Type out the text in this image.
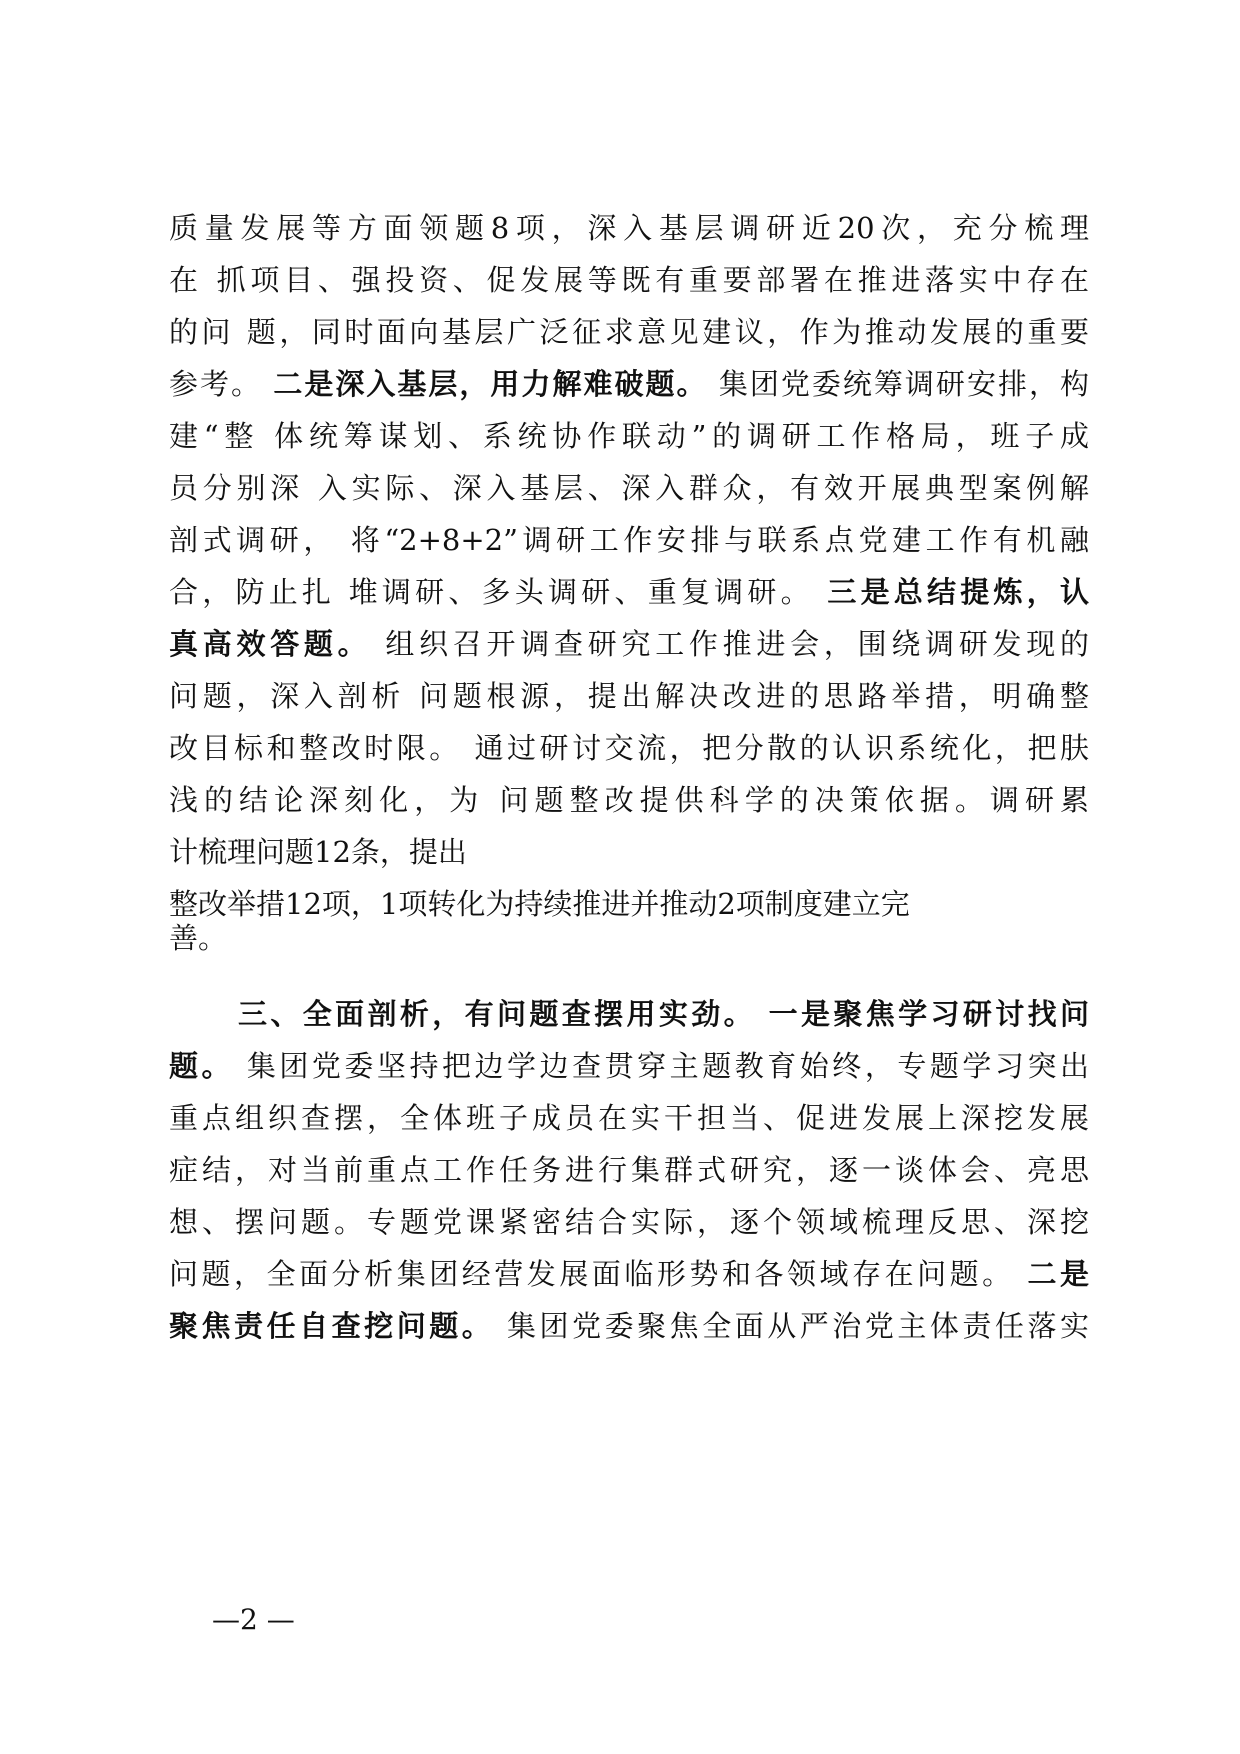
质量发展等方面领题8项，深入基层调研近20次，充分梳理
在 抓项目、强投资、促发展等既有重要部署在推进落实中存在
的问 题，同时面向基层广泛征求意见建议，作为推动发展的重要
参考。 二是深入基层，用力解难破题。 集团党委统筹调研安排，构
建“整 体统筹谋划、系统协作联动”的调研工作格局，班子成
员分别深 入实际、深入基层、深入群众，有效开展典型案例解
剖式调研， 将“2+8+2”调研工作安排与联系点党建工作有机融
合，防止扎 堆调研、多头调研、重复调研。 三是总结提炼，认
真高效答题。 组织召开调查研究工作推进会，围绕调研发现的
问题，深入剖析 问题根源，提出解决改进的思路举措，明确整
改目标和整改时限。 通过研讨交流，把分散的认识系统化，把肤
浅的结论深刻化，为 问题整改提供科学的决策依据。调研累
计梳理问题12条，提出
整改举措12项，1项转化为持续推进并推动2项制度建立完
善。
三、全面剖析，有问题查摆用实劲。 一是聚焦学习研讨找问
题。 集团党委坚持把边学边查贯穿主题教育始终，专题学习突出
重点组织查摆，全体班子成员在实干担当、促进发展上深挖发展
症结，对当前重点工作任务进行集群式研究，逐一谈体会、亮思
想、摆问题。专题党课紧密结合实际，逐个领域梳理反思、深挖
问题，全面分析集团经营发展面临形势和各领域存在问题。 二是
聚焦责任自查挖问题。 集团党委聚焦全面从严治党主体责任落实
—2 —
